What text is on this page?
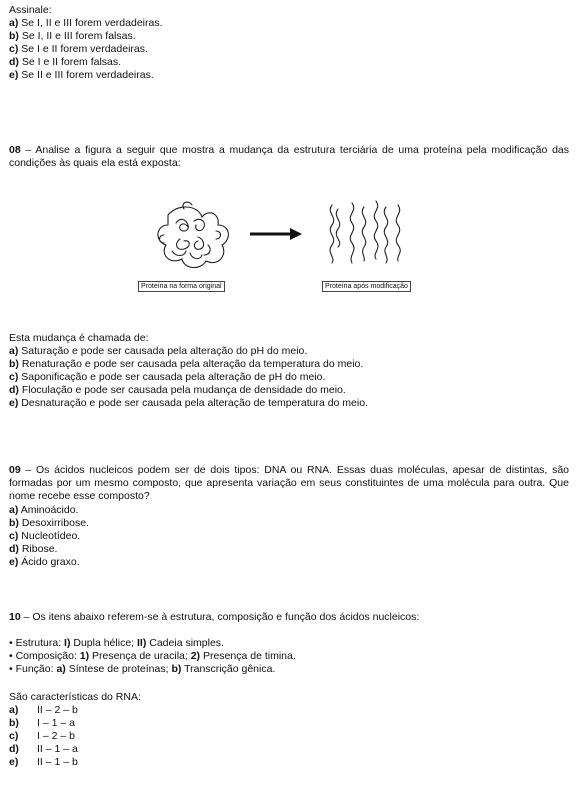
Assinale:
a) Se I, II e III forem verdadeiras.
b) Se I, II e III forem falsas.
c) Se I e II forem verdadeiras.
d) Se I e II forem falsas.
e) Se II e III forem verdadeiras.
08 – Analise a figura a seguir que mostra a mudança da estrutura terciária de uma proteína pela modificação das condições às quais ela está exposta:
Proteína na forma original	Proteína após modificação
Esta mudança é chamada de:
a) Saturação e pode ser causada pela alteração do pH do meio.
b) Renaturação e pode ser causada pela alteração da temperatura do meio.
c) Saponificação e pode ser causada pela alteração de pH do meio.
d) Floculação e pode ser causada pela mudança de densidade do meio.
e) Desnaturação e pode ser causada pela alteração de temperatura do meio.
09 – Os ácidos nucleicos podem ser de dois tipos: DNA ou RNA. Essas duas moléculas, apesar de distintas, são formadas por um mesmo composto, que apresenta variação em seus constituintes de uma molécula para outra. Que nome recebe esse composto?
a) Aminoácido.
b) Desoxirribose.
c) Nucleotídeo.
d) Ribose.
e) Ácido graxo.
10 – Os itens abaixo referem-se à estrutura, composição e função dos ácidos nucleicos:
• Estrutura: I) Dupla hélice; II) Cadeia simples.
• Composição: 1) Presença de uracila; 2) Presença de timina.
• Função: a) Síntese de proteínas; b) Transcrição gênica.
São características do RNA:
a)	II – 2 – b
b)	I – 1 – a
c)	I – 2 – b
d)	II – 1 – a
e)	II – 1 – b
